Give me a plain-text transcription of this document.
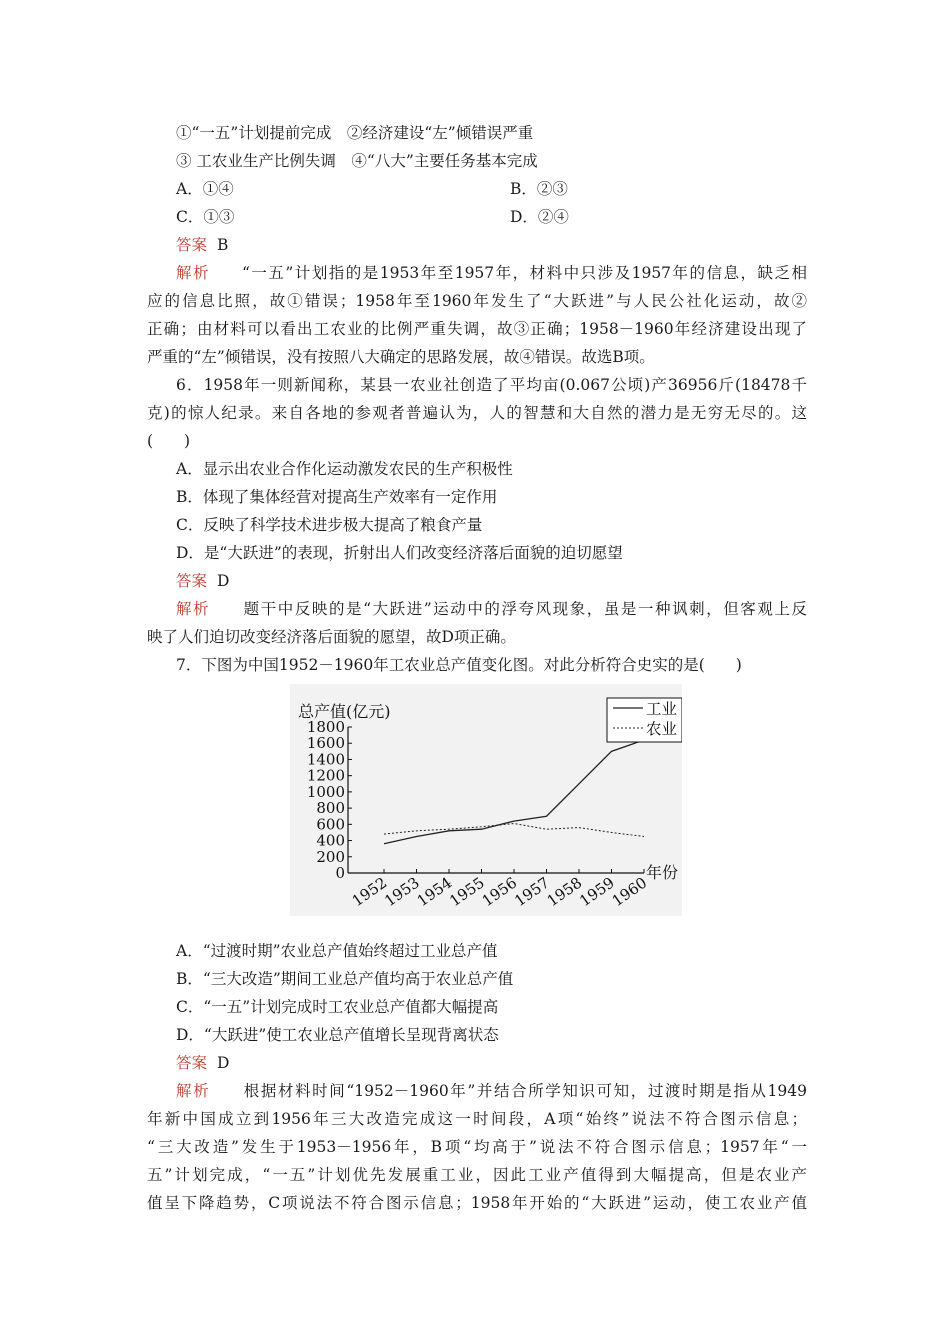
①“一五”计划提前完成　②经济建设“左”倾错误严重
③ 工农业生产比例失调　④“八大”主要任务基本完成
A．①④	B．②③
C．①③	D．②④
答案 B
解析 “一五”计划指的是1953年至1957年，材料中只涉及1957年的信息，缺乏相
应的信息比照，故①错误；1958年至1960年发生了“大跃进”与人民公社化运动，故②
正确；由材料可以看出工农业的比例严重失调，故③正确；1958－1960年经济建设出现了
严重的“左”倾错误，没有按照八大确定的思路发展，故④错误。故选B项。
6．1958年一则新闻称，某县一农业社创造了平均亩(0.067公顷)产36956斤(18478千
克)的惊人纪录。来自各地的参观者普遍认为，人的智慧和大自然的潜力是无穷无尽的。这
(　　)
A．显示出农业合作化运动激发农民的生产积极性
B．体现了集体经营对提高生产效率有一定作用
C．反映了科学技术进步极大提高了粮食产量
D．是“大跃进”的表现，折射出人们改变经济落后面貌的迫切愿望
答案 D
解析 题干中反映的是“大跃进”运动中的浮夸风现象，虽是一种讽刺，但客观上反
映了人们迫切改变经济落后面貌的愿望，故D项正确。
7．下图为中国1952－1960年工农业总产值变化图。对此分析符合史实的是(　　)
总产值(亿元)
年份
0
200
400
600
800
1000
1200
1400
1600
1800
1952
1953
1954
1955
1956
1957
1958
1959
1960
工业
农业
A．“过渡时期”农业总产值始终超过工业总产值
B．“三大改造”期间工业总产值均高于农业总产值
C．“一五”计划完成时工农业总产值都大幅提高
D．“大跃进”使工农业总产值增长呈现背离状态
答案 D
解析 根据材料时间“1952－1960年”并结合所学知识可知，过渡时期是指从1949
年新中国成立到1956年三大改造完成这一时间段，A项“始终”说法不符合图示信息；
“三大改造”发生于1953－1956年，B项“均高于”说法不符合图示信息；1957年“一
五”计划完成，“一五”计划优先发展重工业，因此工业产值得到大幅提高，但是农业产
值呈下降趋势，C项说法不符合图示信息；1958年开始的“大跃进”运动，使工农业产值
